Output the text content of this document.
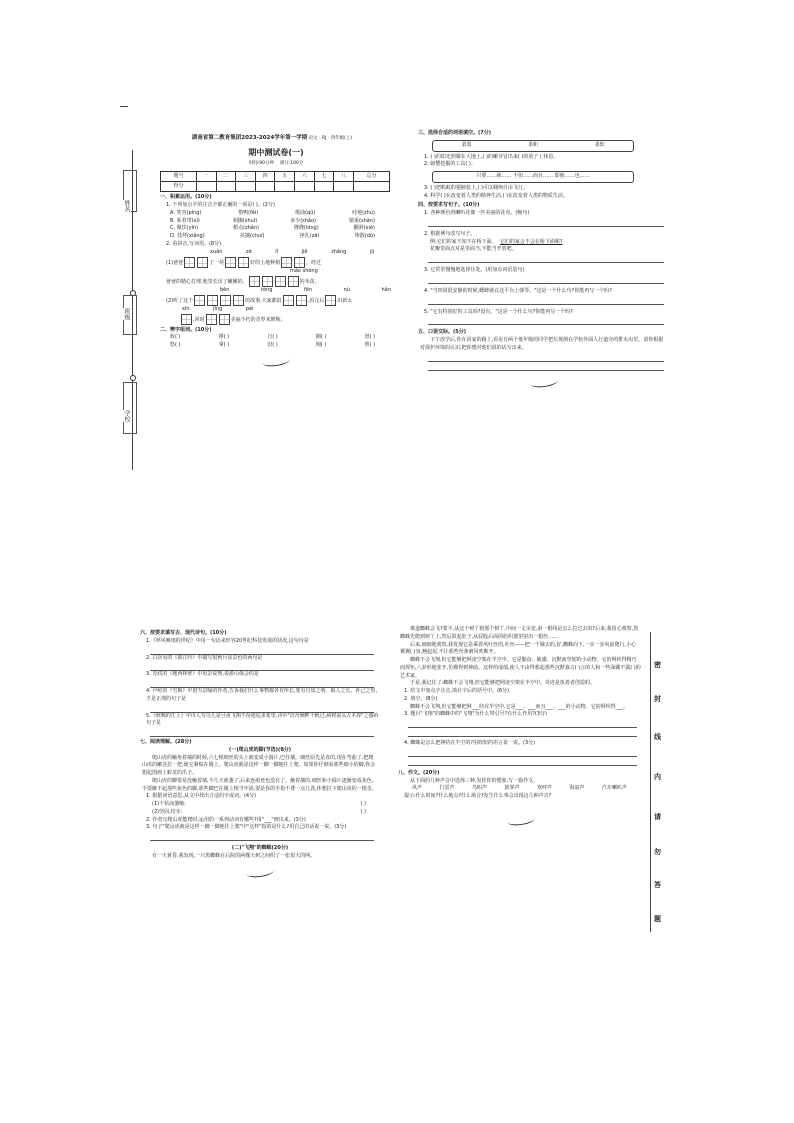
姓名
班级
学校
湖南省第二教育集团2023-2024学年第一学期 语文 · RJ · 四年级(上)
期中测试卷(一)
时间:90分钟 满分:100分
题号	一	二	三	四	五	六	七	八	总分
得分									
一、积累运用。(10分)
1. 下列加点字的注音全都正确的一项是( )。(2分)
A. 笑容(píng)	惜鸭(fěi)	歌曲(qū)	哇地(zhú)
B. 系着带(xì)	相挪(shuǐ)	多少(shǎo)	镇重(shān)
C. 聚饮(yǐn)	稻点(zhǎn)	隆隆(lóng)	翻斜(xié)
D. 技拜(xiǎng)	抗擒(chuí)	挣扎(zā)	惨散(dū)
2. 看拼音,写词语。(8分)
xuǎn zé	lǐ jiě	zhǎng jū
(1)爸爸	了一块	好的土地种植	。经过
máo shèng
爸爸的精心打理,地里长出了嫩嫩的、	的禾苗。
bēn téng	fēn nù	hǎn
(2)听了这个	的故事,大家都很	,看完后	出新太
xīn	jīng pèi
,同时	美丽不朽的昔罗米修斯。
二、辨字组词。(10分)
攸( )	撑( )	日( )	捌( )	怒( )
悠( )	拿( )	旧( )	刚( )	帮( )
三、选择合适的词语填空。(7分)
柔弱	柔和	柔软
1. ( )的阳光照耀在大地上,( )的嫩芽冒出来( )的放子上休息。
2. 螃蟹挖掘的工具( )。
只要……就…… 不但……而且…… 即使……也……
3. ( )把蚂蚁的翅膀装上,( )可以翱翔自由飞行。
4. 科学( )在改变着人类的精神生活,( )在改变着人类的物质生活。
四、按要求写句子。(10分)
1. 各种颜色的喇叭花像一匹美丽的花布。(缩句)
2. 根据例句改写句子。
例:它们的家不知不在桥下面。 它们的家会不会在桥下面呢?
花瓣里面点对是里面当,不能当开放吧。
3. 它常常慢慢地选择住处。(用加点词语造句)
4. "当四周很安静的时候,蟋蟀就在这平台上弹琴。"这是一个什么句?你能再写一个吗?
5. "它有特别好的工具吗?没有。"这是一个什么句?你能再写一个吗?
五、口语交际。(5分)
下午放学后,你在回家的路上,看见有两个低年级的同学把垃圾倒在学校外面人行道旁的排水沟里。请你根据对保护环境的认识,把你想对他们说的话写出来。
六、按要求填写古、现代诗句。(10分)
1.《呼风唤雨的世纪》中用一句话来形容20世纪科技发展的状况,这句诗是
2. 白居易的《暮江吟》中描写很秋月夜景色的两句是
3. 苏轼的《题西林壁》中用景说理,说游山体会的是
4. 卢纶的《雪梅》中借雪景喻的作者,告诉我们什么事物都各有所长,要有自知之明。取人之长、补己之短,才是正理的句子是
5.《秋晚的江上》中诗人写鸟儿是旦夜飞翔不误地追求希望,诗中"沉舟侧畔千帆过,病树前头万木春"之感的句子是
七、阅读理解。(28分)
(一)爬山虎的脚(节选)(8分)
爬山虎的触角着墙的时候,六七根细丝的头上就变成小圆片,巴住墙。细丝原先是直的,现在弯曲了,把爬山虎的嫩茎拉一把,使它紧贴在墙上。爬山虎就是这样一脚一脚地往上爬。如果你仔细看那些细小的脚,你会想起图画上蛟龙的爪子。
爬山虎的脚要是没触着墙,不几天就萎了,后来连痕迹也没有了。触着墙的,细丝和小圆片逐渐变成灰色。不要瞧不起那些灰色的脚,那些脚巴在墙上相当牢固,要是你的手指不费一点儿劲,休想拉下爬山虎的一根茎。
1. 根据词语意思,从文中找出合适的字或词。(4分)
(1)干枯而萎缩:	( )
(2)坚固,结实:	( )
2. 作者写爬山虎能爬时,运用的一系列动词有哪些?用"___"画出来。(3分)
3. 句子"爬山虎就是这样一脚一脚地往上爬"中"这样"指的是什么?用自己的话说一说。(3分)
(二)"飞翔"的蜘蛛(20分)
有一天黄昏,我发现,一只黑蜘蛛在后院的两棵大树之间织了一张很大的网。
难道蜘蛛会飞?要不,从这个树丫到那个树丫,中间一丈余宽,第一根线是怎么拉过去的?后来,我留心观察,黑蜘蛛先爬到树丫上,然后鼓起肚子,从屁股后面的纺织器里射出一根丝……
后来,细细地观察,我发现它是乘着风吐丝的,吐丝——把一个铺去的,好,蜘蛛向下,一步一步向前爬行,小心翼翼( )身,翘起尾,不让那些丝条被风吹断开。
蜘蛛不会飞翔,但它能够把网凌空架在半空中。它是勤奋、敏感、沉默而坚韧的小动物。它的网织得精巧而规矩,八卦形地张开,仿佛得到神助。这样的成绩,使人不由得想起那些沉默寡言( )言的人和一些深藏不露( )的艺术家。
于是,我记住了:蜘蛛不会飞翔,但它能够把网凌空架在半空中。奇迹是执着者创造的。
1. 结文中加点字注音,填在字后的括号中。(6分)
2. 填空。(8分)
蜘蛛不会飞翔,但它能够把网___结在半空中,它是___、___而且___、___的小动物。它的网织得___。
3. 题目"飞翔"的蜘蛛中的"飞翔"为什么带引号?有什么作用?(3分)
4. 蜘蛛是怎么把网结在半空的?用简短的语言说一说。(3分)
八、作文。(20分)
从下面的几种声音中选择三种,发挥你的想象,写一篇作文。
风声	打雷声	鸟叫声	鼓掌声	欢呼声	海浪声	汽车喇叭声
提示:什么时间?什么地点?什么场合?发生什么事会出现这几种声音?
密
封
线
内
请
勿
答
题
